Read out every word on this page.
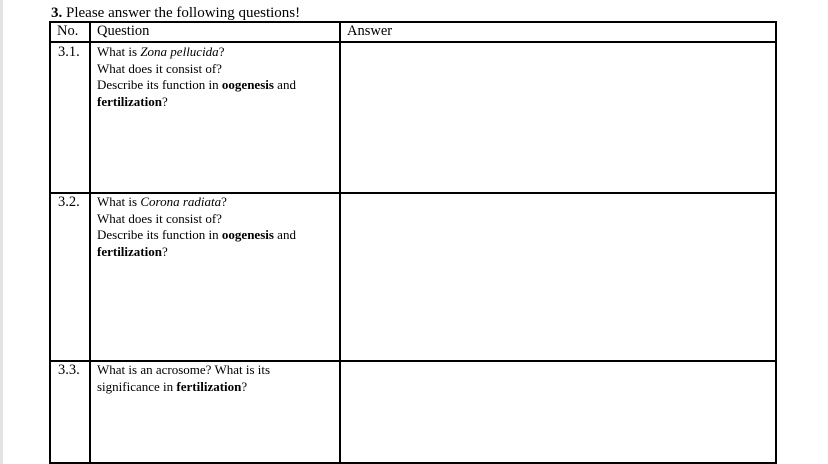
3. Please answer the following questions!
No. Question	Answer
3.1. What is Zona pellucida?
What does it consist of?
Describe its function in oogenesis and
fertilization?
3.2. What is Corona radiata?
What does it consist of?
Describe its function in oogenesis and
fertilization?
3.3. What is an acrosome? What is its
significance in fertilization?
